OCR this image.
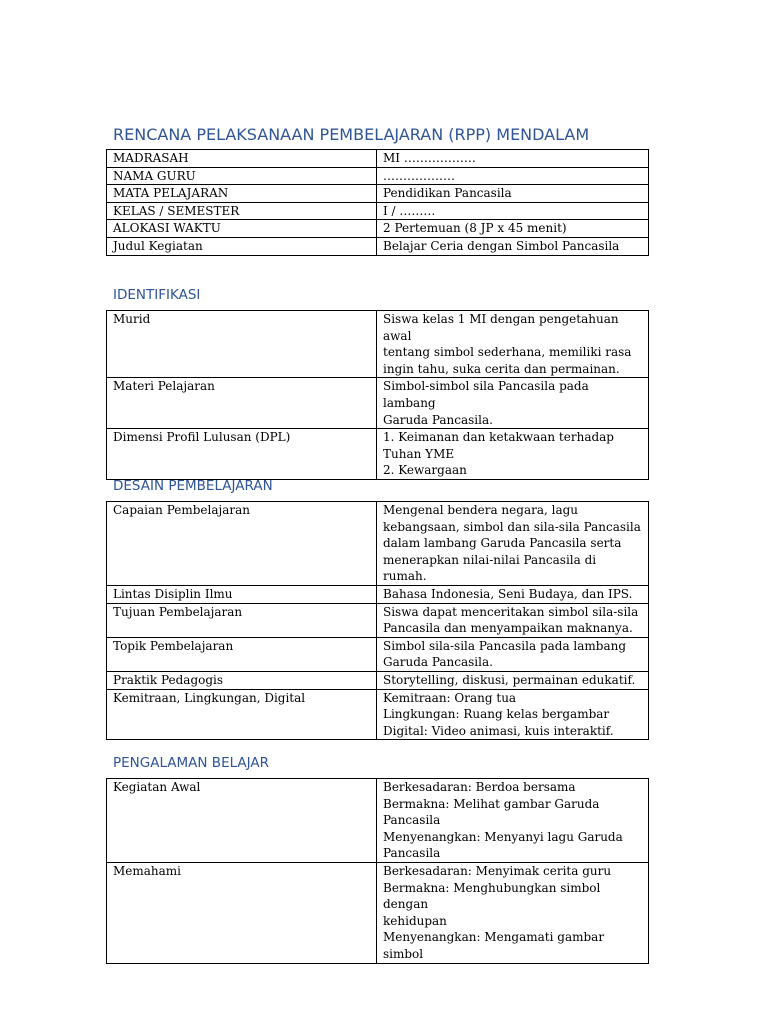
RENCANA PELAKSANAAN PEMBELAJARAN (RPP) MENDALAM
MADRASAH	MI ………………
NAMA GURU	………………
MATA PELAJARAN	Pendidikan Pancasila
KELAS / SEMESTER	I / ………
ALOKASI WAKTU	2 Pertemuan (8 JP x 45 menit)
Judul Kegiatan	Belajar Ceria dengan Simbol Pancasila
IDENTIFIKASI
Murid	Siswa kelas 1 MI dengan pengetahuan awal
tentang simbol sederhana, memiliki rasa
ingin tahu, suka cerita dan permainan.
Materi Pelajaran	Simbol-simbol sila Pancasila pada lambang
Garuda Pancasila.
Dimensi Profil Lulusan (DPL)	1. Keimanan dan ketakwaan terhadap
Tuhan YME
2. Kewargaan
DESAIN PEMBELAJARAN
Capaian Pembelajaran	Mengenal bendera negara, lagu
kebangsaan, simbol dan sila-sila Pancasila
dalam lambang Garuda Pancasila serta
menerapkan nilai-nilai Pancasila di rumah.
Lintas Disiplin Ilmu	Bahasa Indonesia, Seni Budaya, dan IPS.
Tujuan Pembelajaran	Siswa dapat menceritakan simbol sila-sila
Pancasila dan menyampaikan maknanya.
Topik Pembelajaran	Simbol sila-sila Pancasila pada lambang
Garuda Pancasila.
Praktik Pedagogis	Storytelling, diskusi, permainan edukatif.
Kemitraan, Lingkungan, Digital	Kemitraan: Orang tua
Lingkungan: Ruang kelas bergambar
Digital: Video animasi, kuis interaktif.
PENGALAMAN BELAJAR
Kegiatan Awal	Berkesadaran: Berdoa bersama
Bermakna: Melihat gambar Garuda
Pancasila
Menyenangkan: Menyanyi lagu Garuda
Pancasila
Memahami	Berkesadaran: Menyimak cerita guru
Bermakna: Menghubungkan simbol dengan
kehidupan
Menyenangkan: Mengamati gambar simbol
